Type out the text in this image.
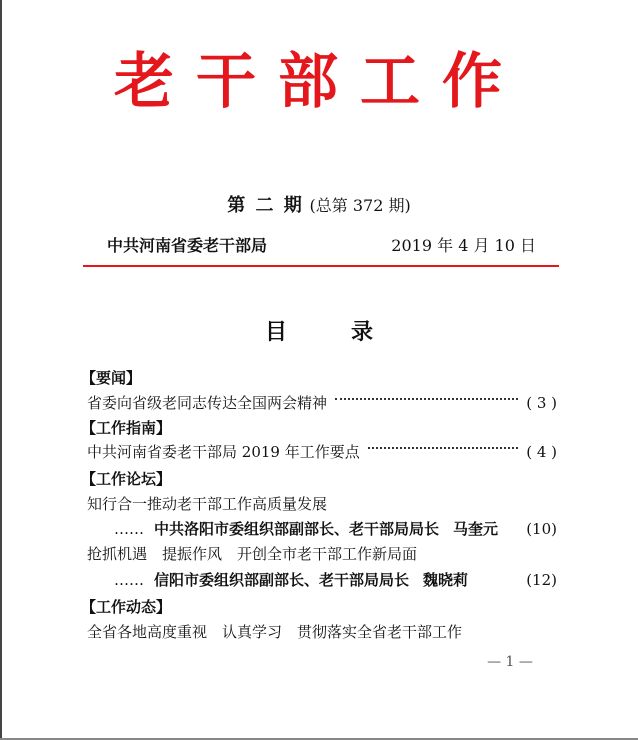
老干部工作
第 二 期 (总第 372 期)
中共河南省委老干部局	2019 年 4 月 10 日
目录
【要闻】
省委向省级老同志传达全国两会精神	( 3 )
【工作指南】
中共河南省委老干部局 2019 年工作要点	( 4 )
【工作论坛】
知行合一推动老干部工作高质量发展
…… 中共洛阳市委组织部副部长、老干部局局长 马奎元 (10)
抢抓机遇　提振作风　开创全市老干部工作新局面
…… 信阳市委组织部副部长、老干部局局长 魏晓莉	(12)
【工作动态】
全省各地高度重视　认真学习　贯彻落实全省老干部工作
— 1 —
